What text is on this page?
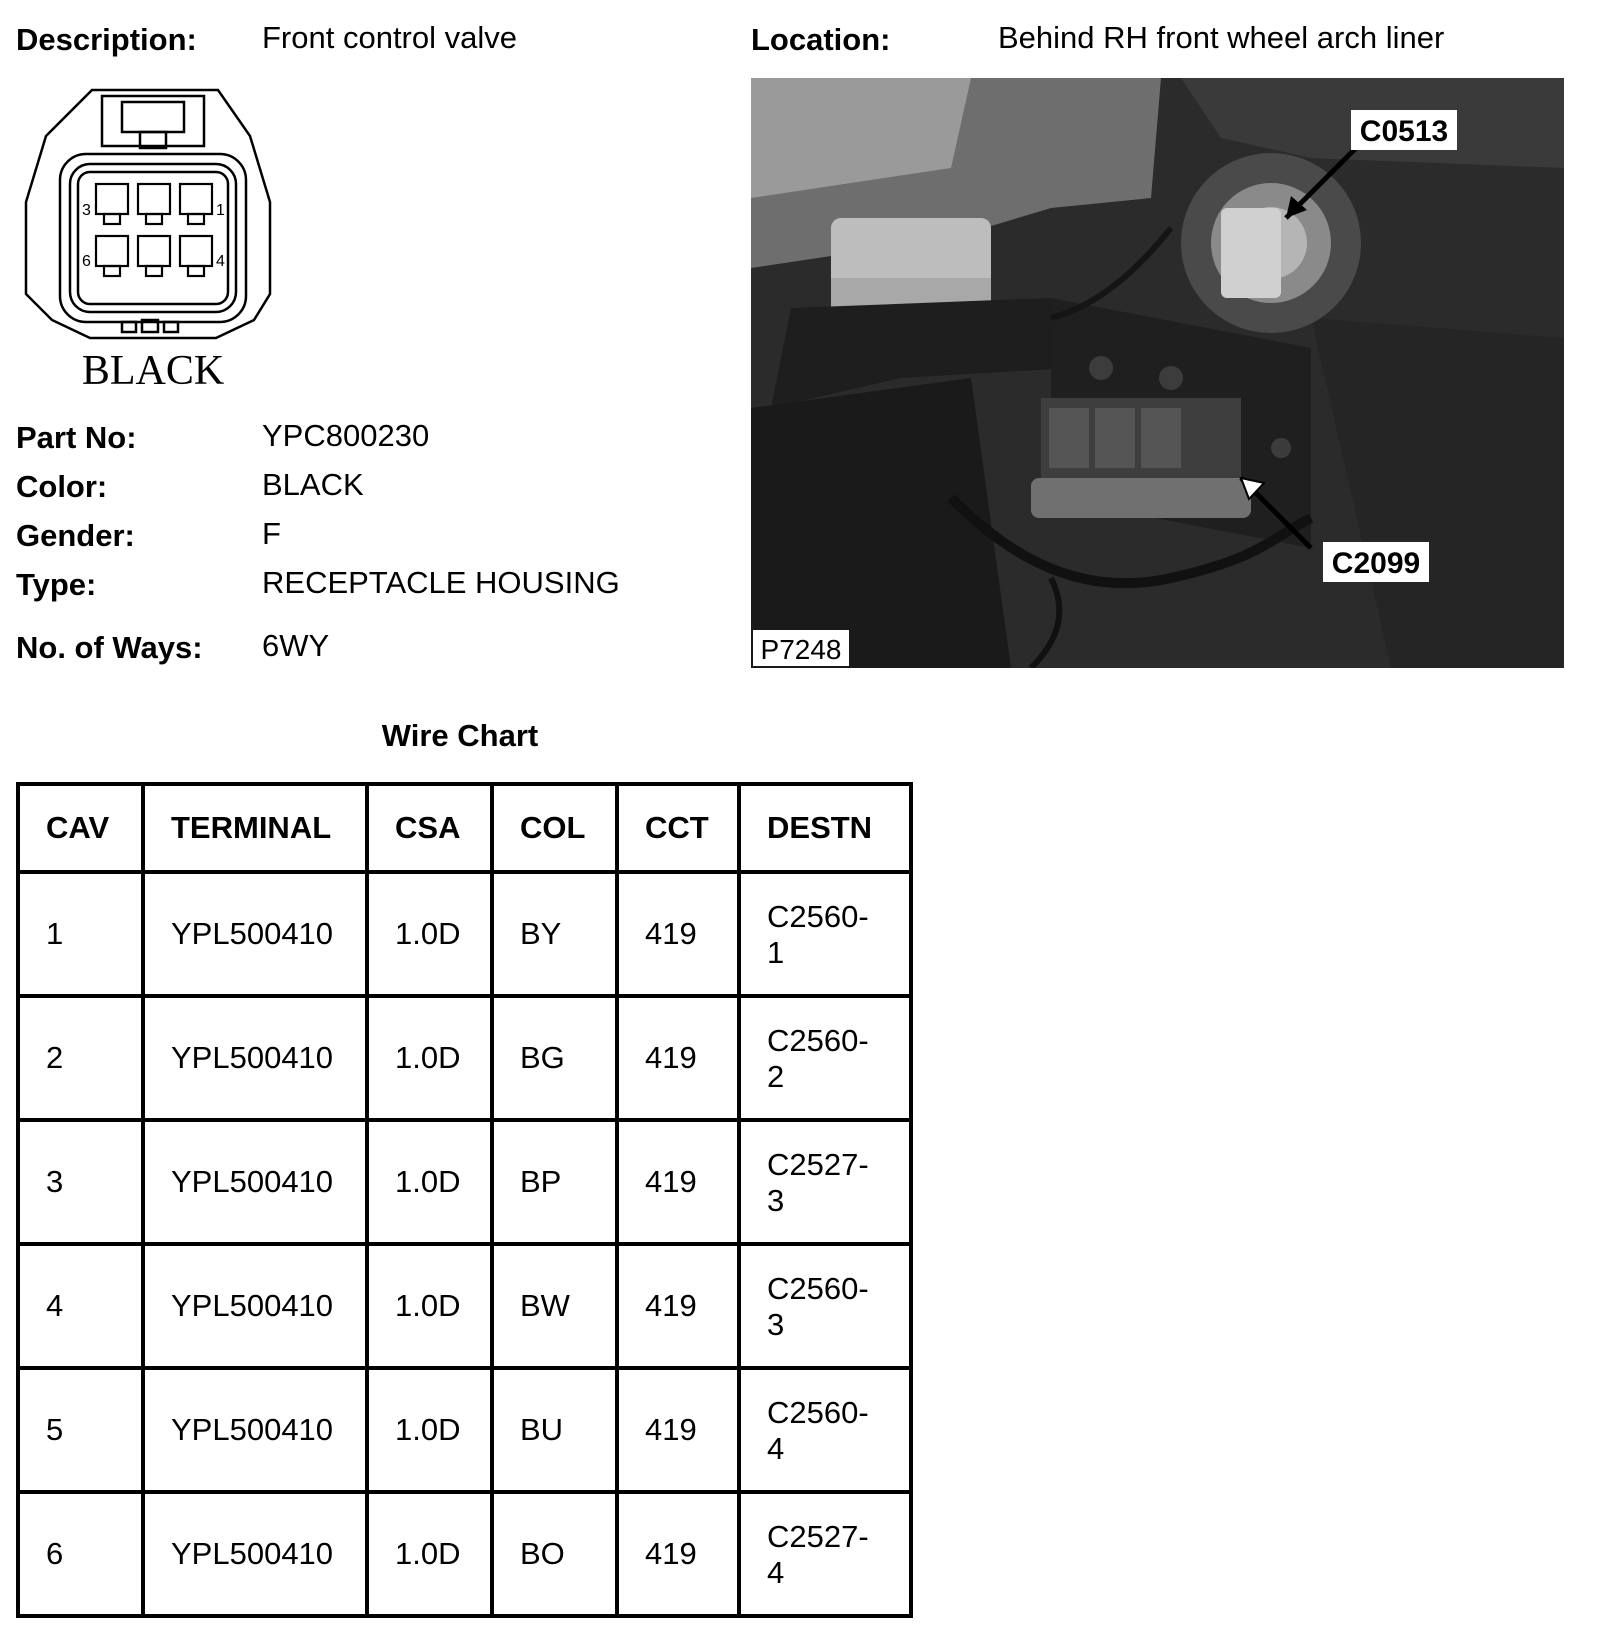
Description: Front control valve	Location:	Behind RH front wheel arch liner
3	1
6	4
BLACK
Part No:	YPC800230
Color:	BLACK
Gender:	F
Type:	RECEPTACLE HOUSING
No. of Ways: 6WY
C0513
C2099
P7248
Wire Chart
CAV	TERMINAL	CSA	COL	CCT	DESTN
1	YPL500410	1.0D	BY	419	C2560-
1
2	YPL500410	1.0D	BG	419	C2560-
2
3	YPL500410	1.0D	BP	419	C2527-
3
4	YPL500410	1.0D	BW	419	C2560-
3
5	YPL500410	1.0D	BU	419	C2560-
4
6	YPL500410	1.0D	BO	419	C2527-
4
